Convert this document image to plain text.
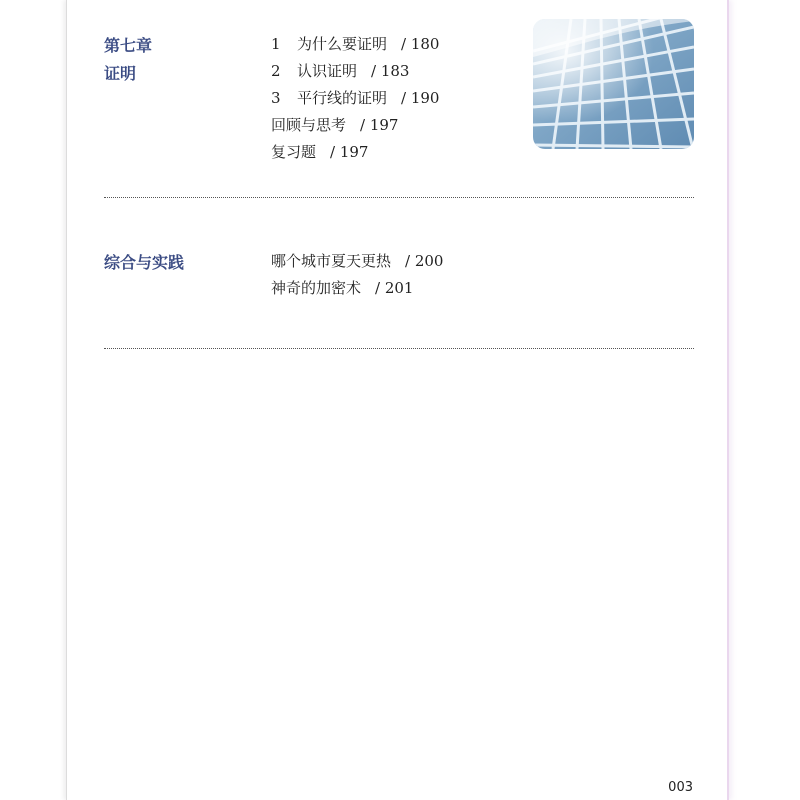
第七章
证明
1 为什么要证明 / 180
2 认识证明 / 183
3 平行线的证明 / 190
回顾与思考 / 197
复习题 / 197
综合与实践	哪个城市夏天更热 / 200
神奇的加密术 / 201
003
